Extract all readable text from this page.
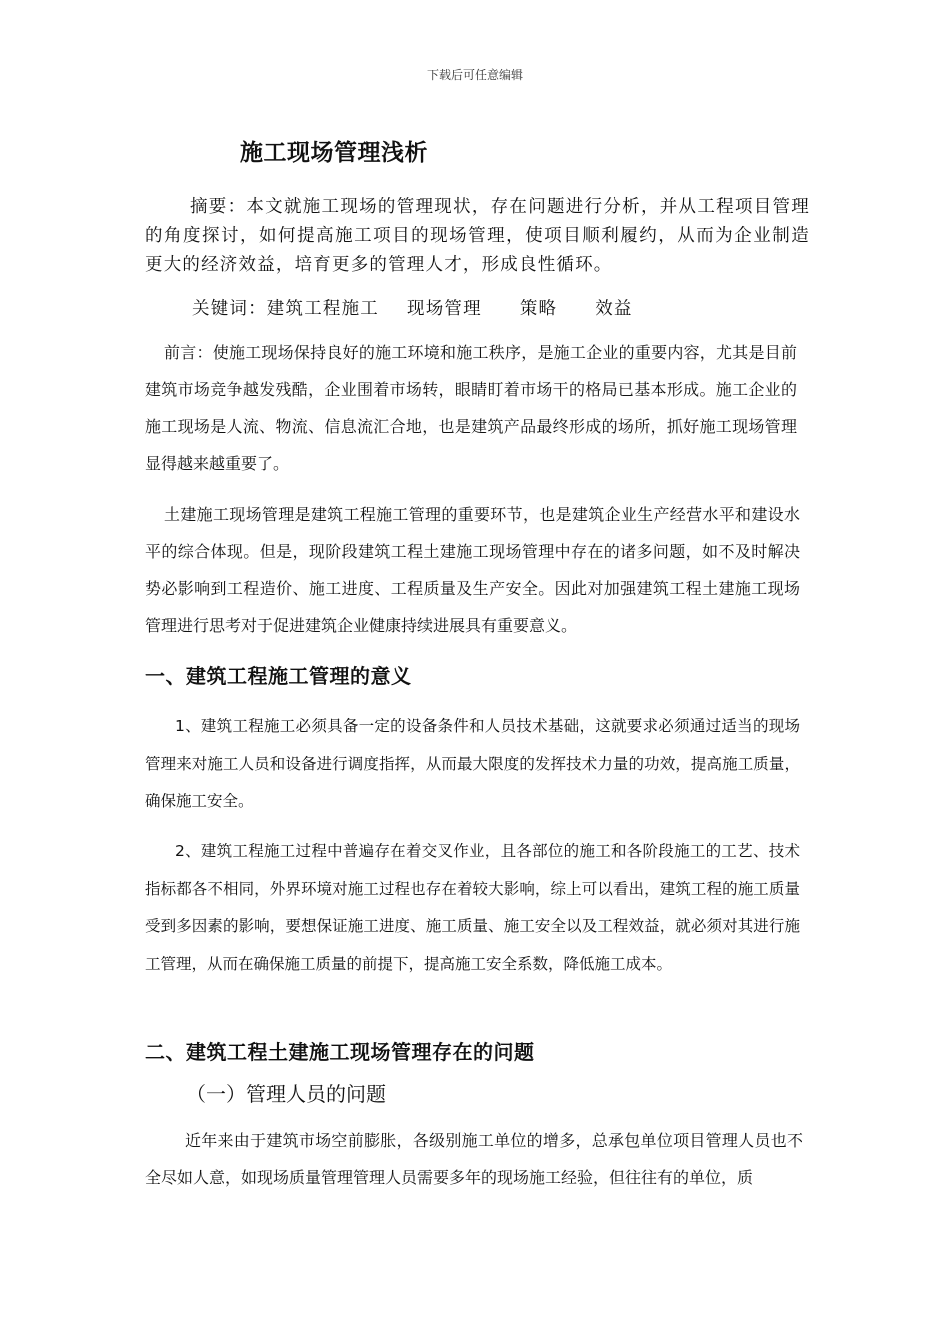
下载后可任意编辑
施工现场管理浅析
摘要：本文就施工现场的管理现状，存在问题进行分析，并从工程项目管理的角度探讨，如何提高施工项目的现场管理，使项目顺利履约，从而为企业制造更大的经济效益，培育更多的管理人才，形成良性循环。
关键词：建筑工程施工 现场管理 策略 效益
前言：使施工现场保持良好的施工环境和施工秩序，是施工企业的重要内容，尤其是目前建筑市场竞争越发残酷，企业围着市场转，眼睛盯着市场干的格局已基本形成。施工企业的施工现场是人流、物流、信息流汇合地，也是建筑产品最终形成的场所，抓好施工现场管理显得越来越重要了。
土建施工现场管理是建筑工程施工管理的重要环节，也是建筑企业生产经营水平和建设水平的综合体现。但是，现阶段建筑工程土建施工现场管理中存在的诸多问题，如不及时解决势必影响到工程造价、施工进度、工程质量及生产安全。因此对加强建筑工程土建施工现场管理进行思考对于促进建筑企业健康持续进展具有重要意义。
一、建筑工程施工管理的意义
1、建筑工程施工必须具备一定的设备条件和人员技术基础，这就要求必须通过适当的现场管理来对施工人员和设备进行调度指挥，从而最大限度的发挥技术力量的功效，提高施工质量，确保施工安全。
2、建筑工程施工过程中普遍存在着交叉作业，且各部位的施工和各阶段施工的工艺、技术指标都各不相同，外界环境对施工过程也存在着较大影响，综上可以看出，建筑工程的施工质量受到多因素的影响，要想保证施工进度、施工质量、施工安全以及工程效益，就必须对其进行施工管理，从而在确保施工质量的前提下，提高施工安全系数，降低施工成本。
二、建筑工程土建施工现场管理存在的问题
（一）管理人员的问题
近年来由于建筑市场空前膨胀，各级别施工单位的增多，总承包单位项目管理人员也不全尽如人意，如现场质量管理管理人员需要多年的现场施工经验，但往往有的单位，质
